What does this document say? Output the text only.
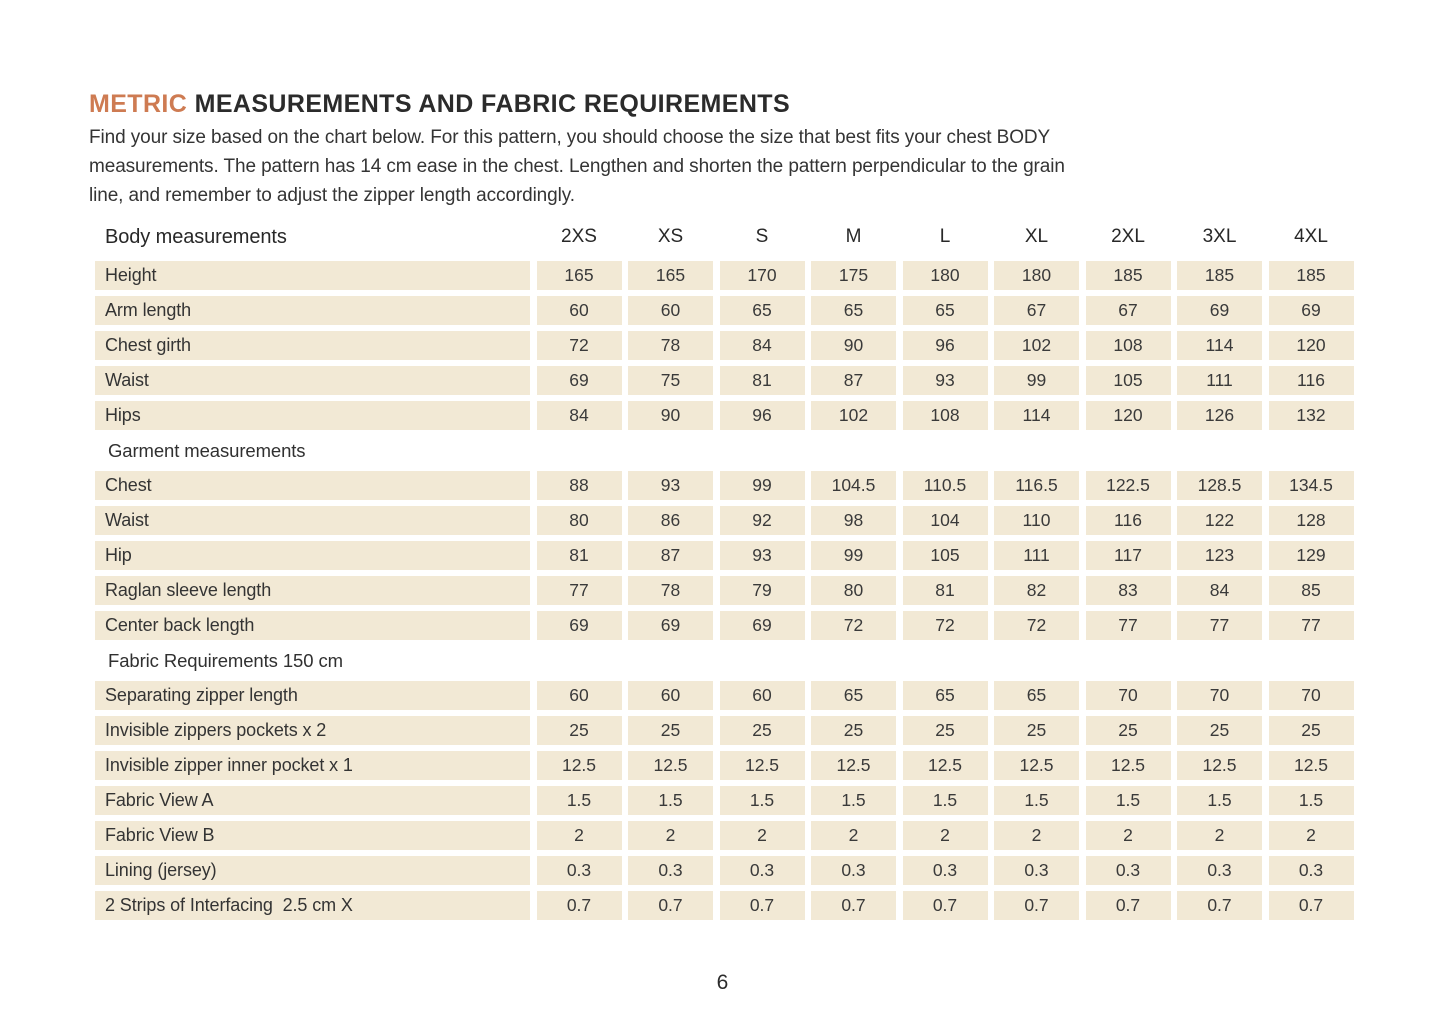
METRIC MEASUREMENTS AND FABRIC REQUIREMENTS
Find your size based on the chart below. For this pattern, you should choose the size that best fits your chest BODY
measurements. The pattern has 14 cm ease in the chest. Lengthen and shorten the pattern perpendicular to the grain
line, and remember to adjust the zipper length accordingly.
Body measurements	2XS	XS	S	M	L	XL	2XL	3XL	4XL
Height	165	165	170	175	180	180	185	185	185
Arm length	60	60	65	65	65	67	67	69	69
Chest girth	72	78	84	90	96	102	108	114	120
Waist	69	75	81	87	93	99	105	111	116
Hips	84	90	96	102	108	114	120	126	132
Garment measurements
Chest	88	93	99	104.5	110.5	116.5	122.5	128.5	134.5
Waist	80	86	92	98	104	110	116	122	128
Hip	81	87	93	99	105	111	117	123	129
Raglan sleeve length	77	78	79	80	81	82	83	84	85
Center back length	69	69	69	72	72	72	77	77	77
Fabric Requirements 150 cm
Separating zipper length	60	60	60	65	65	65	70	70	70
Invisible zippers pockets x 2	25	25	25	25	25	25	25	25	25
Invisible zipper inner pocket x 1	12.5	12.5	12.5	12.5	12.5	12.5	12.5	12.5	12.5
Fabric View A	1.5	1.5	1.5	1.5	1.5	1.5	1.5	1.5	1.5
Fabric View B	2	2	2	2	2	2	2	2	2
Lining (jersey)	0.3	0.3	0.3	0.3	0.3	0.3	0.3	0.3	0.3
2 Strips of Interfacing  2.5 cm X	0.7	0.7	0.7	0.7	0.7	0.7	0.7	0.7	0.7
6
